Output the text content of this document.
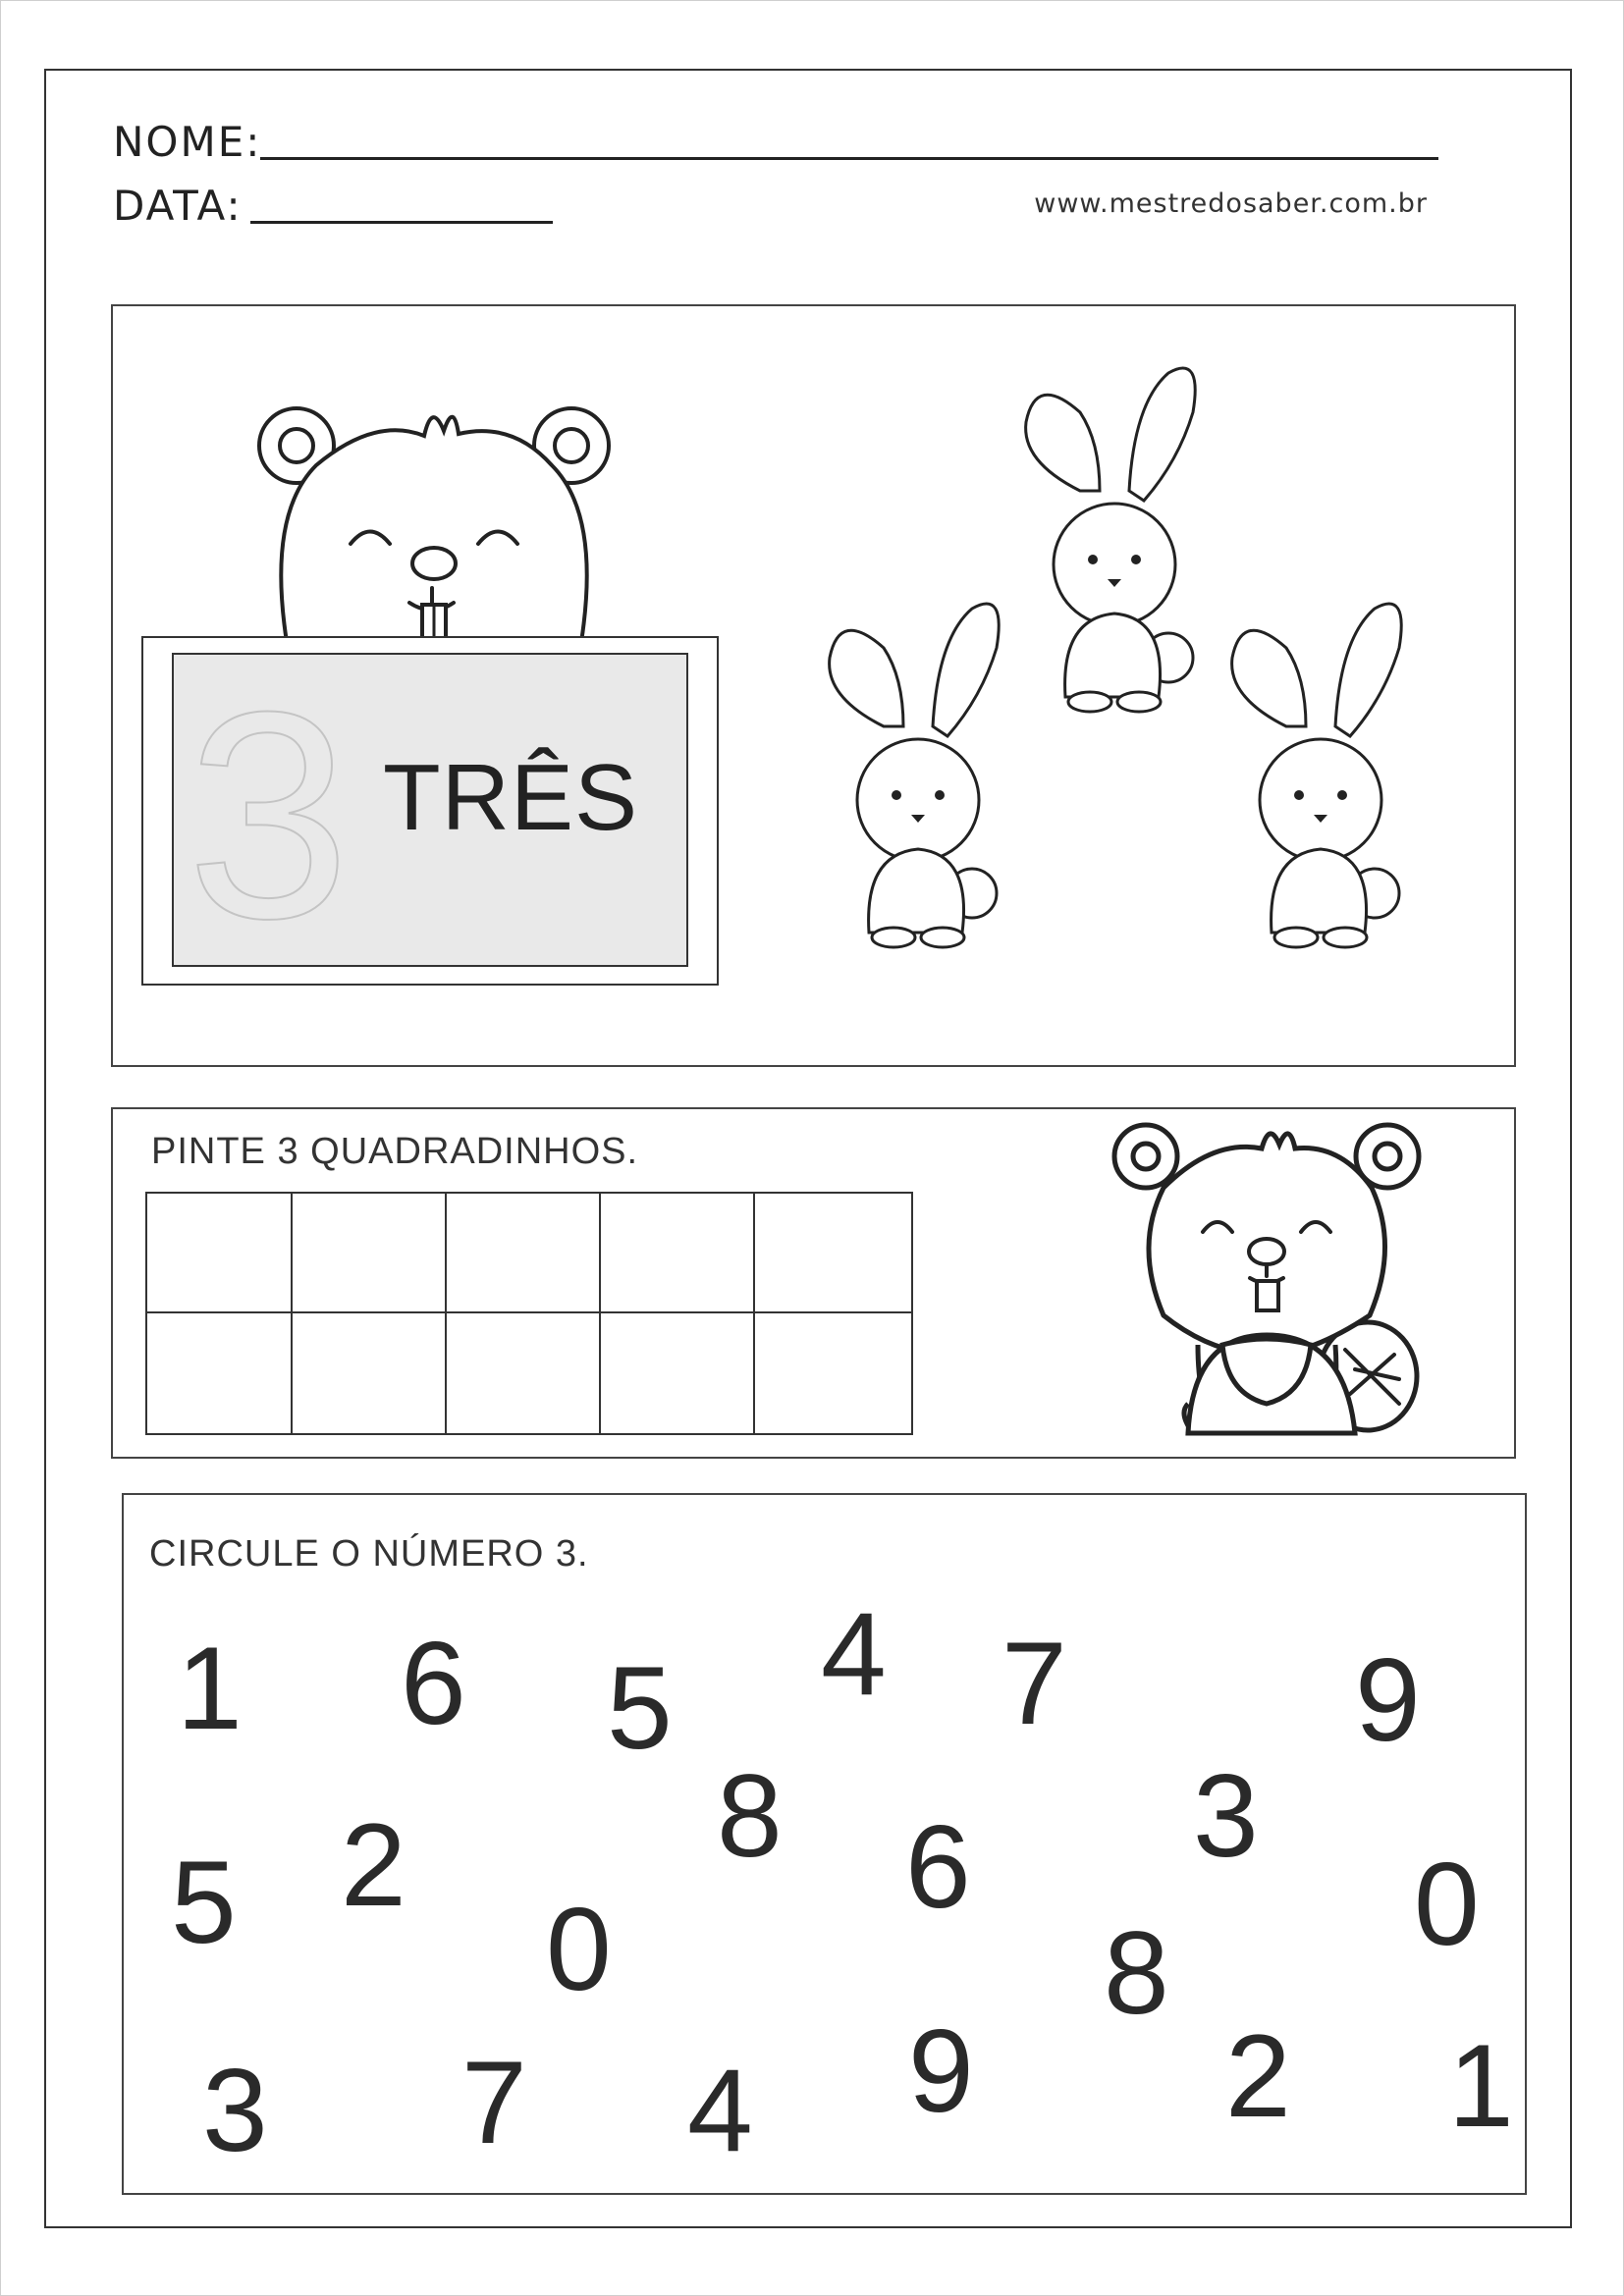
NOME:
DATA:	www.mestredosaber.com.br
3 TRÊS
PINTE 3 QUADRADINHOS.
CIRCULE O NÚMERO 3.
1 6 5 4 7 9
8	3
5 2	6
0	0
8
3 7 4 9 2 1
